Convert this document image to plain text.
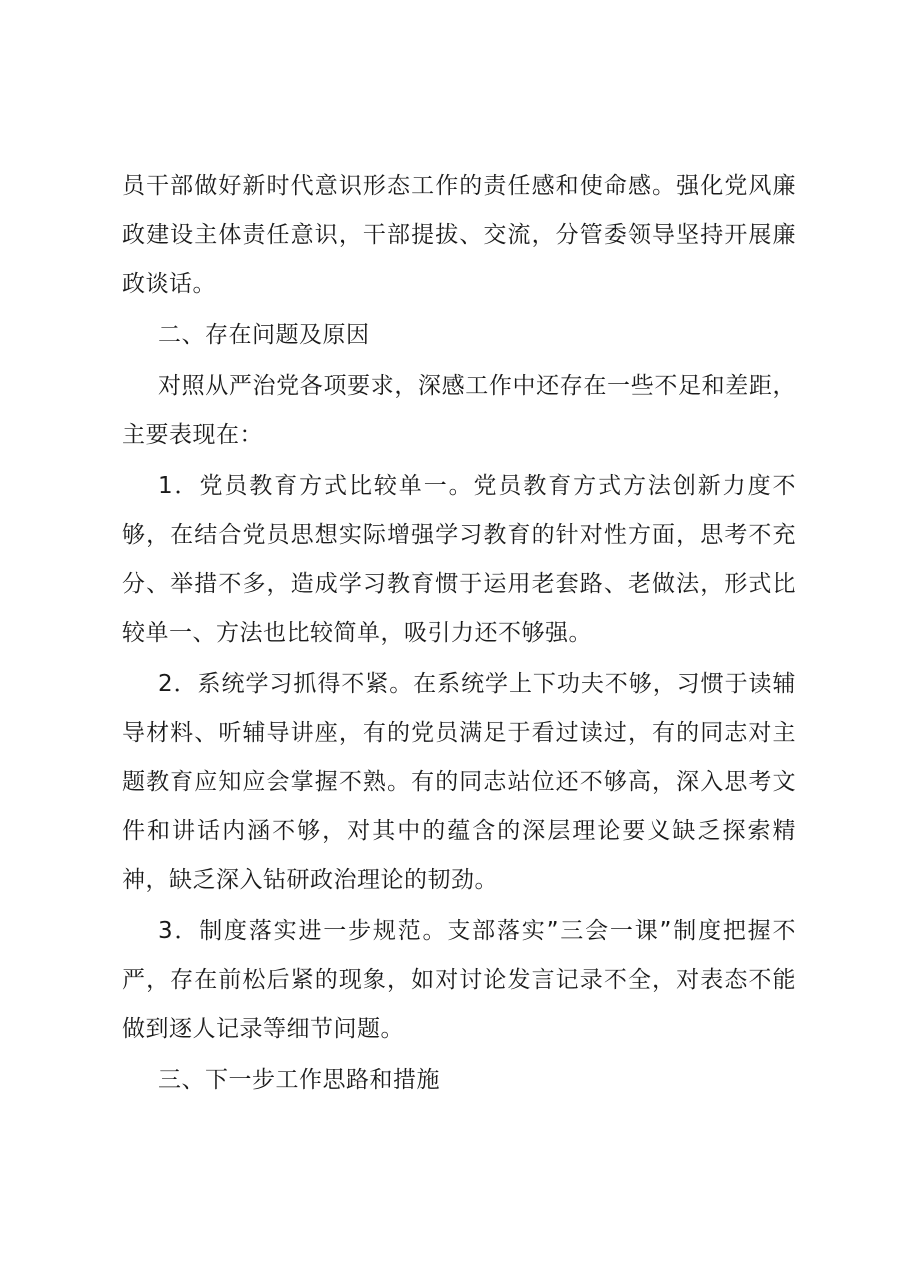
员干部做好新时代意识形态工作的责任感和使命感。强化党风廉政建设主体责任意识，干部提拔、交流，分管委领导坚持开展廉政谈话。

二、存在问题及原因

对照从严治党各项要求，深感工作中还存在一些不足和差距，主要表现在：

1．党员教育方式比较单一。党员教育方式方法创新力度不够，在结合党员思想实际增强学习教育的针对性方面，思考不充分、举措不多，造成学习教育惯于运用老套路、老做法，形式比较单一、方法也比较简单，吸引力还不够强。

2．系统学习抓得不紧。在系统学上下功夫不够，习惯于读辅导材料、听辅导讲座，有的党员满足于看过读过，有的同志对主题教育应知应会掌握不熟。有的同志站位还不够高，深入思考文件和讲话内涵不够，对其中的蕴含的深层理论要义缺乏探索精神，缺乏深入钻研政治理论的韧劲。

3．制度落实进一步规范。支部落实”三会一课”制度把握不严，存在前松后紧的现象，如对讨论发言记录不全，对表态不能做到逐人记录等细节问题。

三、下一步工作思路和措施
